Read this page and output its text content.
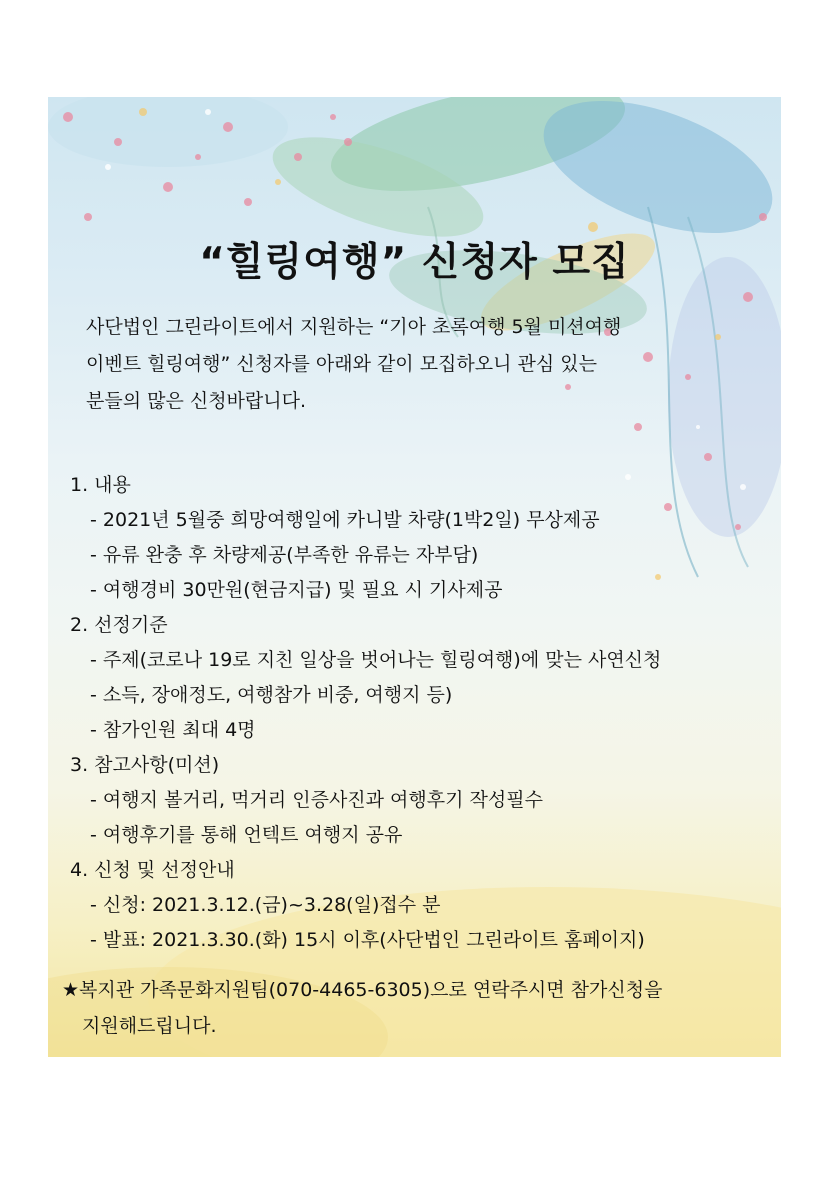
“힐링여행” 신청자 모집

사단법인 그린라이트에서 지원하는 “기아 초록여행 5월 미션여행
이벤트 힐링여행” 신청자를 아래와 같이 모집하오니 관심 있는
분들의 많은 신청바랍니다.

1. 내용
- 2021년 5월중 희망여행일에 카니발 차량(1박2일) 무상제공
- 유류 완충 후 차량제공(부족한 유류는 자부담)
- 여행경비 30만원(현금지급) 및 필요 시 기사제공
2. 선정기준
- 주제(코로나 19로 지친 일상을 벗어나는 힐링여행)에 맞는 사연신청
- 소득, 장애정도, 여행참가 비중, 여행지 등)
- 참가인원 최대 4명
3. 참고사항(미션)
- 여행지 볼거리, 먹거리 인증사진과 여행후기 작성필수
- 여행후기를 통해 언텍트 여행지 공유
4. 신청 및 선정안내
- 신청: 2021.3.12.(금)~3.28(일)접수 분
- 발표: 2021.3.30.(화) 15시 이후(사단법인 그린라이트 홈페이지)
★복지관 가족문화지원팀(070-4465-6305)으로 연락주시면 참가신청을
지원해드립니다.
